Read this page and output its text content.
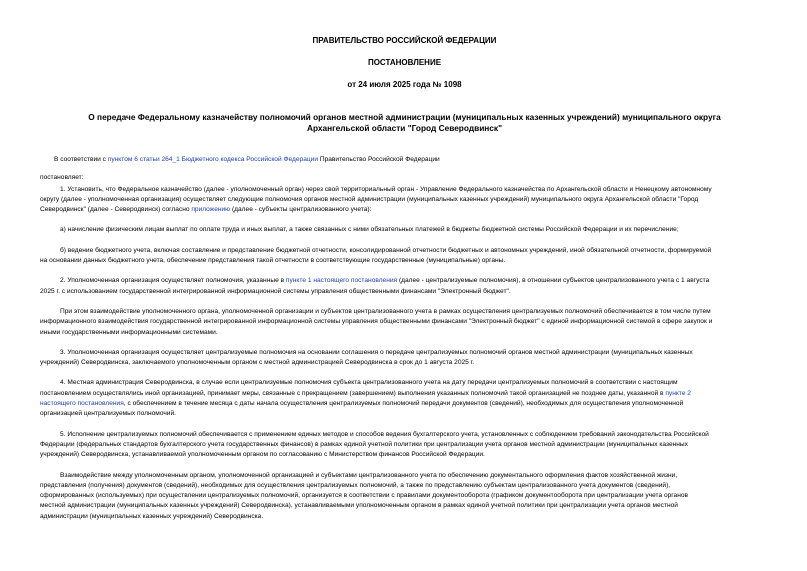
ПРАВИТЕЛЬСТВО РОССИЙСКОЙ ФЕДЕРАЦИИ
ПОСТАНОВЛЕНИЕ
от 24 июля 2025 года № 1098
О передаче Федеральному казначейству полномочий органов местной администрации (муниципальных казенных учреждений) муниципального округа
Архангельской области "Город Северодвинск"

В соответствии с пунктом 6 статьи 264_1 Бюджетного кодекса Российской Федерации Правительство Российской Федерации

постановляет:

1. Установить, что Федеральное казначейство (далее - уполномоченный орган) через свой территориальный орган - Управление Федерального казначейства по Архангельской области и Ненецкому автономному
округу (далее - уполномоченная организация) осуществляет следующие полномочия органов местной администрации (муниципальных казенных учреждений) муниципального округа Архангельской области "Город
Северодвинск" (далее - Северодвинск) согласно приложению (далее - субъекты централизованного учета):
а) начисление физическим лицам выплат по оплате труда и иных выплат, а также связанных с ними обязательных платежей в бюджеты бюджетной системы Российской Федерации и их перечисление;
б) ведение бюджетного учета, включая составление и представление бюджетной отчетности, консолидированной отчетности бюджетных и автономных учреждений, иной обязательной отчетности, формируемой
на основании данных бюджетного учета, обеспечение представления такой отчетности в соответствующие государственные (муниципальные) органы.
2. Уполномоченная организация осуществляет полномочия, указанные в пункте 1 настоящего постановления (далее - централизуемые полномочия), в отношении субъектов централизованного учета с 1 августа
2025 г. с использованием государственной интегрированной информационной системы управления общественными финансами "Электронный бюджет".
При этом взаимодействие уполномоченного органа, уполномоченной организации и субъектов централизованного учета в рамках осуществления централизуемых полномочий обеспечивается в том числе путем
информационного взаимодействия государственной интегрированной информационной системы управления общественными финансами "Электронный бюджет" с единой информационной системой в сфере закупок и
иными государственными информационными системами.
3. Уполномоченная организация осуществляет централизуемые полномочия на основании соглашения о передаче централизуемых полномочий органов местной администрации (муниципальных казенных
учреждений) Северодвинска, заключаемого уполномоченным органом с местной администрацией Северодвинска в срок до 1 августа 2025 г.
4. Местная администрация Северодвинска, в случае если централизуемые полномочия субъекта централизованного учета на дату передачи централизуемых полномочий в соответствии с настоящим
постановлением осуществлялись иной организацией, принимает меры, связанные с прекращением (завершением) выполнения указанных полномочий такой организацией не позднее даты, указанной в пункте 2
настоящего постановления, с обеспечением в течение месяца с даты начала осуществления централизуемых полномочий передачи документов (сведений), необходимых для осуществления уполномоченной
организацией централизуемых полномочий.
5. Исполнение централизуемых полномочий обеспечивается с применением единых методов и способов ведения бухгалтерского учета, установленных с соблюдением требований законодательства Российской
Федерации (федеральных стандартов бухгалтерского учета государственных финансов) в рамках единой учетной политики при централизации учета органов местной администрации (муниципальных казенных
учреждений) Северодвинска, устанавливаемой уполномоченным органом по согласованию с Министерством финансов Российской Федерации.
Взаимодействие между уполномоченным органом, уполномоченной организацией и субъектами централизованного учета по обеспечению документального оформления фактов хозяйственной жизни,
представления (получения) документов (сведений), необходимых для осуществления централизуемых полномочий, а также по представлению субъектам централизованного учета документов (сведений),
сформированных (используемых) при осуществлении централизуемых полномочий, организуется в соответствии с правилами документооборота (графиком документооборота при централизации учета органов
местной администрации (муниципальных казенных учреждений) Северодвинска), устанавливаемыми уполномоченным органом в рамках единой учетной политики при централизации учета органов местной
администрации (муниципальных казенных учреждений) Северодвинска.
